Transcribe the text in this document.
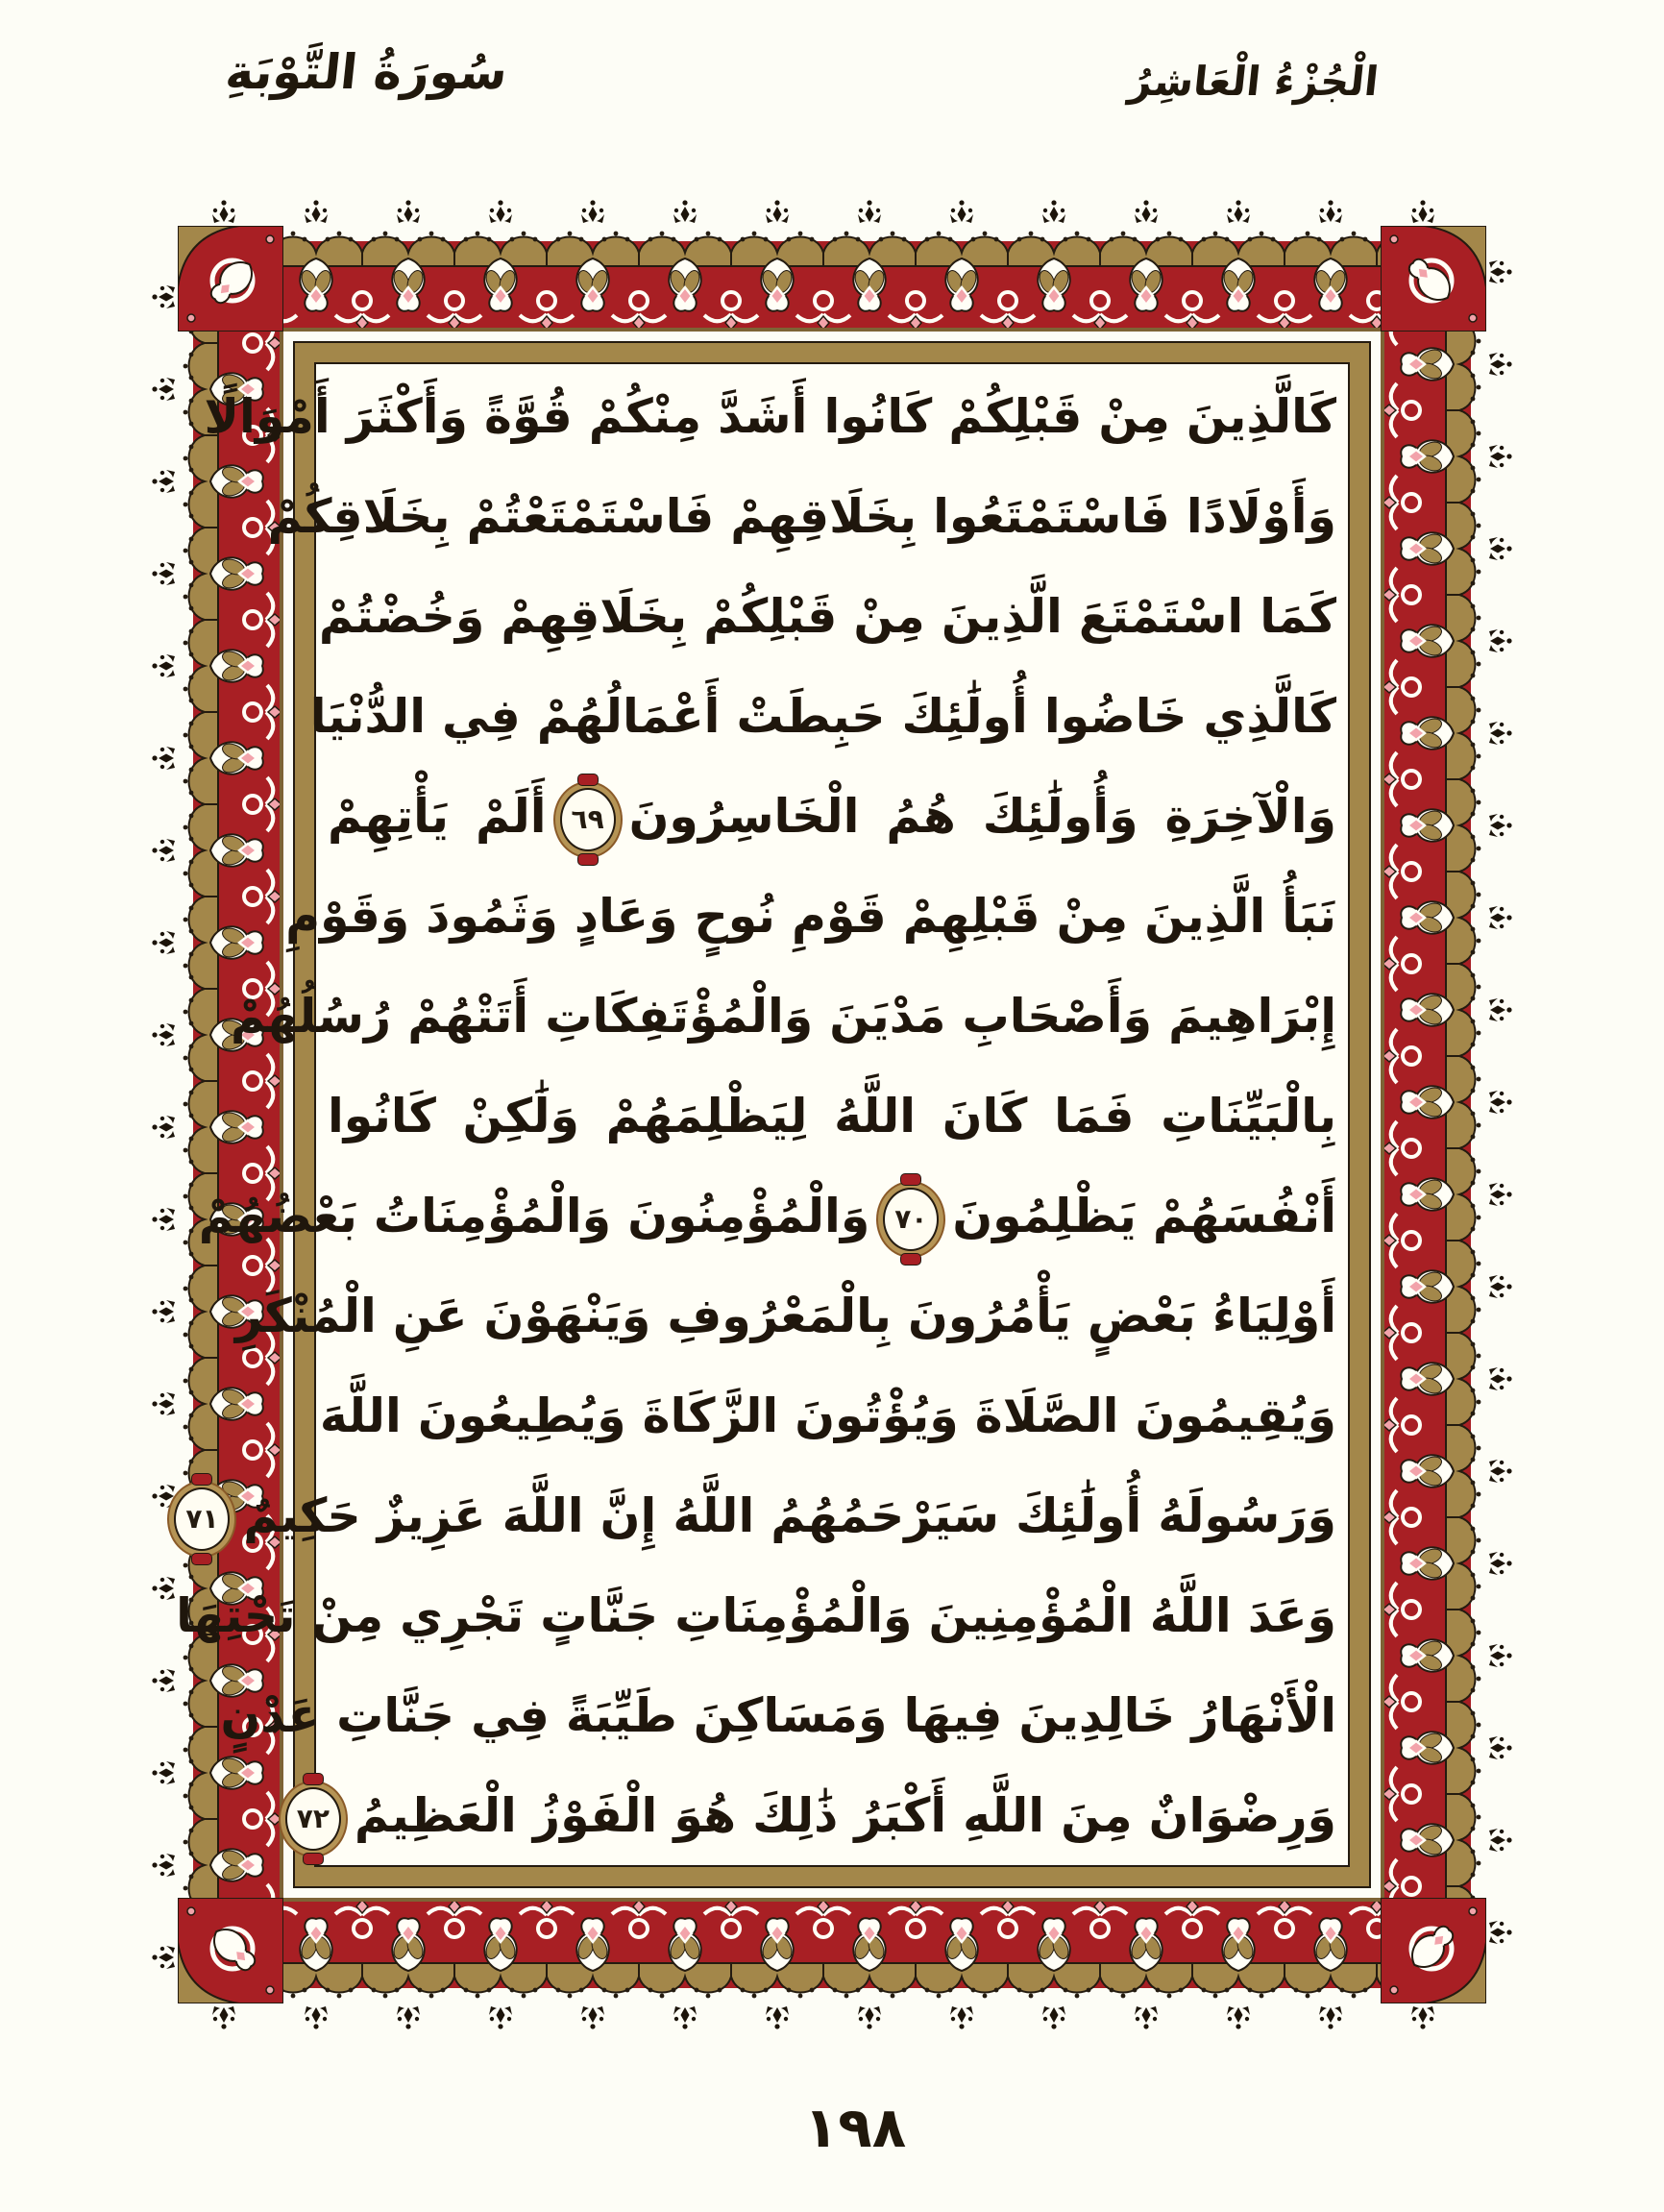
سُورَةُ التَّوْبَةِ	الْجُزْءُ الْعَاشِرُ
كَالَّذِينَ مِنْ قَبْلِكُمْ كَانُوا أَشَدَّ مِنْكُمْ قُوَّةً وَأَكْثَرَ أَمْوَالًا
وَأَوْلَادًا فَاسْتَمْتَعُوا بِخَلَاقِهِمْ فَاسْتَمْتَعْتُمْ بِخَلَاقِكُمْ
كَمَا اسْتَمْتَعَ الَّذِينَ مِنْ قَبْلِكُمْ بِخَلَاقِهِمْ وَخُضْتُمْ
كَالَّذِي خَاضُوا أُولَٰئِكَ حَبِطَتْ أَعْمَالُهُمْ فِي الدُّنْيَا
وَالْآخِرَةِ وَأُولَٰئِكَ هُمُ الْخَاسِرُونَ
٦٩
أَلَمْ يَأْتِهِمْ
نَبَأُ الَّذِينَ مِنْ قَبْلِهِمْ قَوْمِ نُوحٍ وَعَادٍ وَثَمُودَ وَقَوْمِ
إِبْرَاهِيمَ وَأَصْحَابِ مَدْيَنَ وَالْمُؤْتَفِكَاتِ أَتَتْهُمْ رُسُلُهُمْ
بِالْبَيِّنَاتِ فَمَا كَانَ اللَّهُ لِيَظْلِمَهُمْ وَلَٰكِنْ كَانُوا
أَنْفُسَهُمْ يَظْلِمُونَ
٧٠
وَالْمُؤْمِنُونَ وَالْمُؤْمِنَاتُ بَعْضُهُمْ
أَوْلِيَاءُ بَعْضٍ يَأْمُرُونَ بِالْمَعْرُوفِ وَيَنْهَوْنَ عَنِ الْمُنْكَرِ
وَيُقِيمُونَ الصَّلَاةَ وَيُؤْتُونَ الزَّكَاةَ وَيُطِيعُونَ اللَّهَ
وَرَسُولَهُ أُولَٰئِكَ سَيَرْحَمُهُمُ اللَّهُ إِنَّ اللَّهَ عَزِيزٌ حَكِيمٌ
٧١
وَعَدَ اللَّهُ الْمُؤْمِنِينَ وَالْمُؤْمِنَاتِ جَنَّاتٍ تَجْرِي مِنْ تَحْتِهَا
الْأَنْهَارُ خَالِدِينَ فِيهَا وَمَسَاكِنَ طَيِّبَةً فِي جَنَّاتِ عَدْنٍ
وَرِضْوَانٌ مِنَ اللَّهِ أَكْبَرُ ذَٰلِكَ هُوَ الْفَوْزُ الْعَظِيمُ
٧٢
١٩٨
